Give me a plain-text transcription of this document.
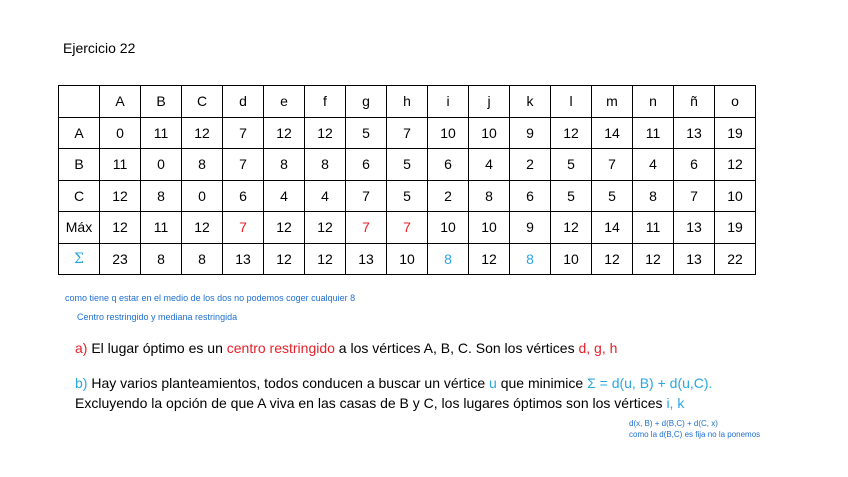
Ejercicio 22
	A	B	C	d	e	f	g	h	i	j	k	l	m	n	ñ	o
A	0	11	12	7	12	12	5	7	10	10	9	12	14	11	13	19
B	11	0	8	7	8	8	6	5	6	4	2	5	7	4	6	12
C	12	8	0	6	4	4	7	5	2	8	6	5	5	8	7	10
Máx	12	11	12	7	12	12	7	7	10	10	9	12	14	11	13	19
Σ	23	8	8	13	12	12	13	10	8	12	8	10	12	12	13	22
como tiene q estar en el medio de los dos no podemos coger cualquier 8
Centro restringido y mediana restringida
a) El lugar óptimo es un centro restringido a los vértices A, B, C. Son los vértices d, g, h
b) Hay varios planteamientos, todos conducen a buscar un vértice u que minimice Σ = d(u, B) + d(u,C).
Excluyendo la opción de que A viva en las casas de B y C, los lugares óptimos son los vértices i, k
d(x, B) + d(B,C) + d(C, x)
como la d(B,C) es fija no la ponemos
